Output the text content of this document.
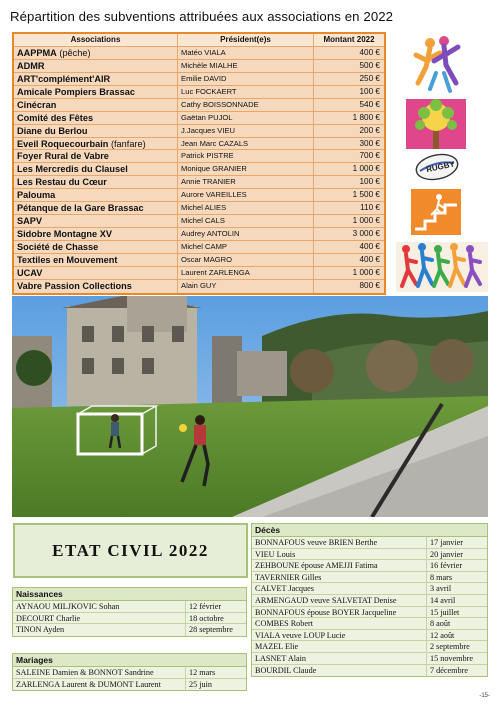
Répartition des subventions attribuées aux associations en 2022
Associations	Président(e)s	Montant 2022
AAPPMA (pêche)	Matéo VIALA	400 €
ADMR	Michèle MIALHE	500 €
ART'complément'AIR	Emilie DAVID	250 €
Amicale Pompiers Brassac	Luc FOCKAERT	100 €
Cinécran	Cathy BOISSONNADE	540 €
Comité des Fêtes	Gaëtan PUJOL	1 800 €
Diane du Berlou	J.Jacques VIEU	200 €
Eveil Roquecourbain (fanfare)	Jean Marc CAZALS	300 €
Foyer Rural de Vabre	Patrick PISTRE	700 €
Les Mercredis du Clausel	Monique GRANIER	1 000 €
Les Restau du Cœur	Annie TRANIER	100 €
Palouma	Aurore VAREILLES	1 500 €
Pétanque de la Gare Brassac	Michel ALIES	110 €
SAPV	Michel CALS	1 000 €
Sidobre Montagne XV	Audrey ANTOLIN	3 000 €
Société de Chasse	Michel CAMP	400 €
Textiles en Mouvement	Oscar MAGRO	400 €
UCAV	Laurent ZARLENGA	1 000 €
Vabre Passion Collections	Alain GUY	800 €
RUGBY
ETAT CIVIL 2022
Naissances
AYNAOU MILJKOVIC Sohan	12 février
DECOURT Charlie	18 octobre
TINON Ayden	28 septembre
Mariages
SALEINE Damien & BONNOT Sandrine	12 mars
ZARLENGA Laurent & DUMONT Laurent	25 juin
Décès
BONNAFOUS veuve BRIEN Berthe	17 janvier
VIEU Louis	20 janvier
ZEHBOUNE épouse AMEJJI Fatima	16 février
TAVERNIER Gilles	8 mars
CALVET Jacques	3 avril
ARMENGAUD veuve SALVETAT Denise	14 avril
BONNAFOUS épouse BOYER Jacqueline	15 juillet
COMBES Robert	8 août
VIALA veuve LOUP Lucie	12 août
MAZEL Elie	2 septembre
LASNET Alain	15 novembre
BOURDIL Claude	7 décembre
-15-
